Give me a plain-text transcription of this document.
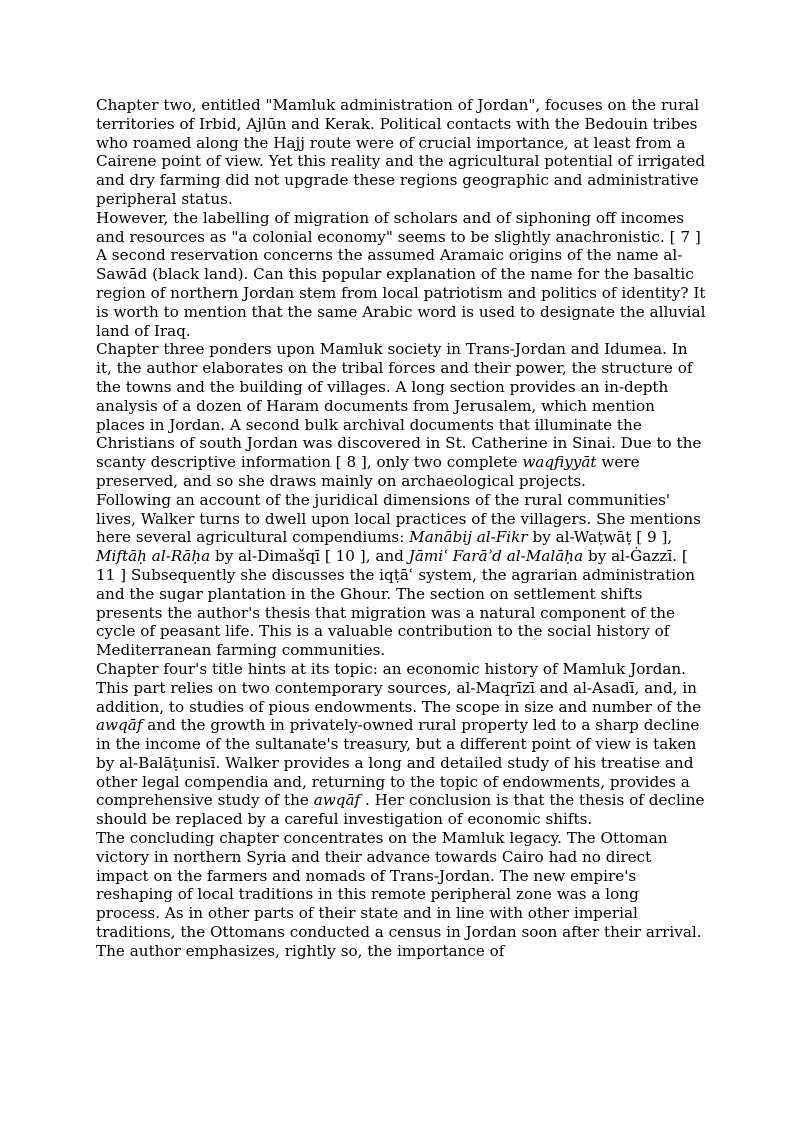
Chapter two, entitled "Mamluk administration of Jordan", focuses on the rural territories of Irbid, Ajlūn and Kerak. Political contacts with the Bedouin tribes who roamed along the Hajj route were of crucial importance, at least from a Cairene point of view. Yet this reality and the agricultural potential of irrigated and dry farming did not upgrade these regions geographic and administrative peripheral status.

However, the labelling of migration of scholars and of siphoning off incomes and resources as "a colonial economy" seems to be slightly anachronistic. [ 7 ] A second reservation concerns the assumed Aramaic origins of the name al-Sawād (black land). Can this popular explanation of the name for the basaltic region of northern Jordan stem from local patriotism and politics of identity? It is worth to mention that the same Arabic word is used to designate the alluvial land of Iraq.

Chapter three ponders upon Mamluk society in Trans-Jordan and Idumea. In it, the author elaborates on the tribal forces and their power, the structure of the towns and the building of villages. A long section provides an in-depth analysis of a dozen of Haram documents from Jerusalem, which mention places in Jordan. A second bulk archival documents that illuminate the Christians of south Jordan was discovered in St. Catherine in Sinai. Due to the scanty descriptive information [ 8 ], only two complete waqfiyyāt were preserved, and so she draws mainly on archaeological projects.

Following an account of the juridical dimensions of the rural communities' lives, Walker turns to dwell upon local practices of the villagers. She mentions here several agricultural compendiums: Manābij al-Fikr by al-Waṭwāṭ [ 9 ], Miftāḥ al-Rāḥa by al-Dimašqī [ 10 ], and Jāmiʿ Farāʾd al-Malāḥa by al-Ġazzī. [ 11 ] Subsequently she discusses the iqṭāʿ system, the agrarian administration and the sugar plantation in the Ghour. The section on settlement shifts presents the author's thesis that migration was a natural component of the cycle of peasant life. This is a valuable contribution to the social history of Mediterranean farming communities.

Chapter four's title hints at its topic: an economic history of Mamluk Jordan. This part relies on two contemporary sources, al-Maqrīzī and al-Asadī, and, in addition, to studies of pious endowments. The scope in size and number of the awqāf and the growth in privately-owned rural property led to a sharp decline in the income of the sultanate's treasury, but a different point of view is taken by al-Balāṭunisī. Walker provides a long and detailed study of his treatise and other legal compendia and, returning to the topic of endowments, provides a comprehensive study of the awqāf . Her conclusion is that the thesis of decline should be replaced by a careful investigation of economic shifts.

The concluding chapter concentrates on the Mamluk legacy. The Ottoman victory in northern Syria and their advance towards Cairo had no direct impact on the farmers and nomads of Trans-Jordan. The new empire's reshaping of local traditions in this remote peripheral zone was a long process. As in other parts of their state and in line with other imperial traditions, the Ottomans conducted a census in Jordan soon after their arrival. The author emphasizes, rightly so, the importance of
